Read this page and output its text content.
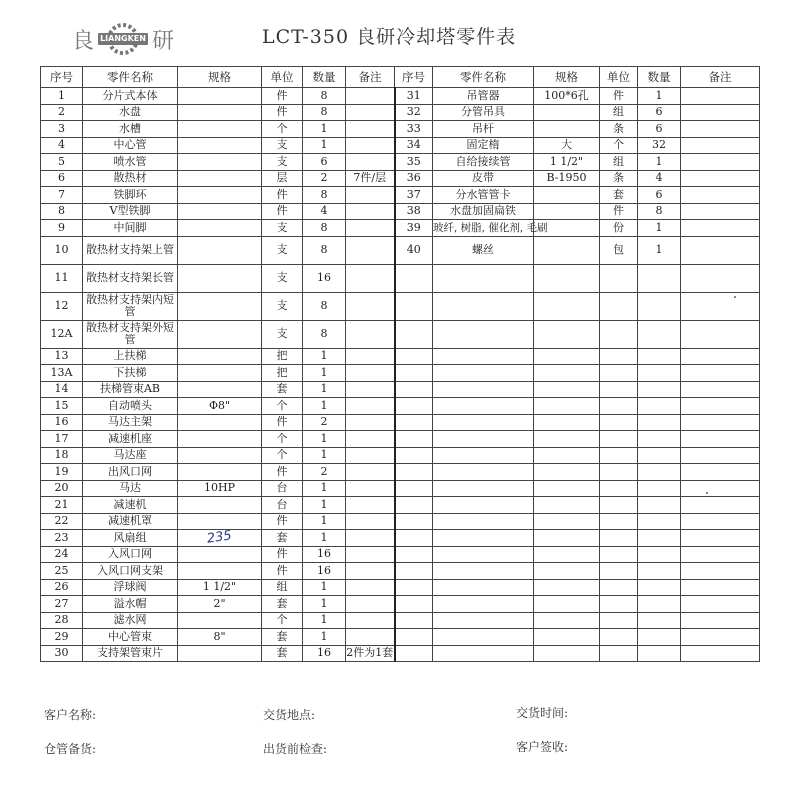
良 LIANGKEN 研	LCT-350 良研冷却塔零件表
序号	零件名称	规格	单位	数量	备注	序号	零件名称	规格	单位	数量	备注
1	分片式本体		件	8		31	吊管器	100*6孔	件	1	
2	水盘		件	8		32	分管吊具		组	6	
3	水槽		个	1		33	吊杆		条	6	
4	中心管		支	1		34	固定楕	大	个	32	
5	喷水管		支	6		35	自给接续管	1 1/2"	组	1	
6	散热材		层	2	7件/层	36	皮带	B-1950	条	4	
7	铁脚环		件	8		37	分水管管卡		套	6	
8	V型铁脚		件	4		38	水盘加固扁铁		件	8	
9	中间脚		支	8		39	玻纤, 树脂, 催化剂, 毛刷		份	1	
10	散热材支持架上管		支	8		40	螺丝		包	1	
11	散热材支持架长管		支	16							
12	散热材支持架内短管		支	8							
12A	散热材支持架外短管		支	8							
13	上扶梯		把	1							
13A	下扶梯		把	1							
14	扶梯管束AB		套	1							
15	自动喷头	Φ8"	个	1							
16	马达主架		件	2							
17	减速机座		个	1							
18	马达座		个	1							
19	出风口网		件	2							
20	马达	10HP	台	1							
21	减速机		台	1							
22	减速机罩		件	1							
23	风扇组	235	套	1							
24	入风口网		件	16							
25	入风口网支架		件	16							
26	浮球阀	1 1/2"	组	1							
27	溢水帽	2"	套	1							
28	滤水网		个	1							
29	中心管束	8"	套	1							
30	支持架管束片		套	16	2件为1套						
客户名称:	交货地点:	交货时间:
仓管备货:	出货前检查:	客户签收:
